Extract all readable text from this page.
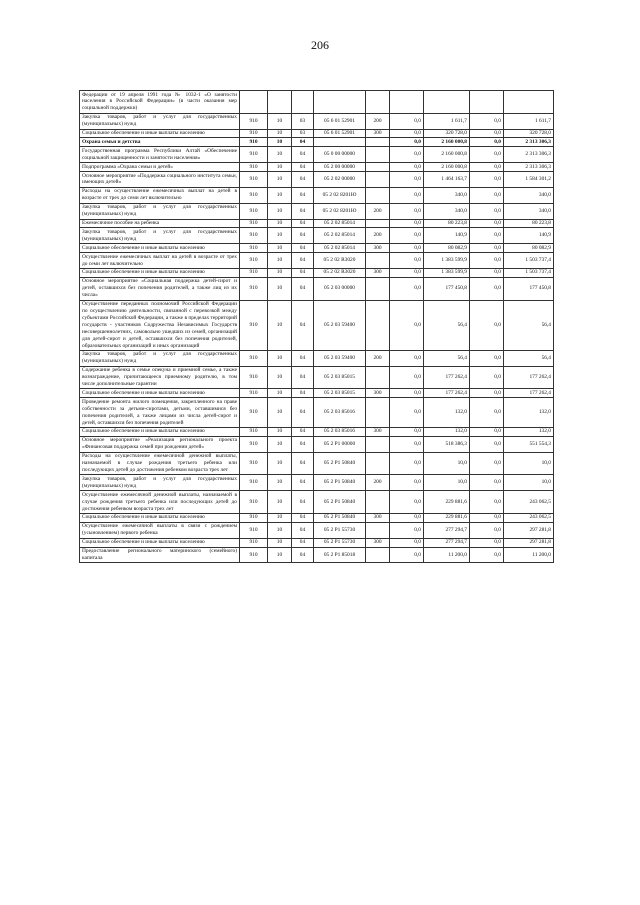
206
Федерации от 19 апреля 1991 года № 1032-1 «О занятости населения в Российской Федерации» (в части оказания мер социальной поддержки)									
Закупка товаров, работ и услуг для государственных (муниципальных) нужд	910	10	03	05 6 01 52901	200	0,0	1 611,7	0,0	1 611,7
Социальное обеспечение и иные выплаты населению	910	10	03	05 6 01 52901	300	0,0	320 728,0	0,0	320 728,0
Охрана семьи и детства	910	10	04			0,0	2 160 000,8	0,0	2 313 306,3
Государственная программа Республики Алтай «Обеспечение социальной защищенности и занятости населения»	910	10	04	05 0 00 00000		0,0	2 160 000,8	0,0	2 313 306,3
Подпрограмма «Охрана семьи и детей»	910	10	04	05 2 00 00000		0,0	2 160 000,8	0,0	2 313 306,3
Основное мероприятие «Поддержка социального института семьи, имеющих детей»	910	10	04	05 2 02 00000		0,0	1 464 163,7	0,0	1 584 301,2
Расходы на осуществление ежемесячных выплат на детей в возрасте от трех до семи лет включительно	910	10	04	05 2 02 8201Ю		0,0	340,0	0,0	340,0
Закупка товаров, работ и услуг для государственных (муниципальных) нужд	910	10	04	05 2 02 8201Ю	200	0,0	340,0	0,0	340,0
Ежемесячное пособие на ребенка	910	10	04	05 2 02 85014		0,0	80 223,8	0,0	80 223,8
Закупка товаров, работ и услуг для государственных (муниципальных) нужд	910	10	04	05 2 02 85014	200	0,0	140,9	0,0	140,9
Социальное обеспечение и иные выплаты населению	910	10	04	05 2 02 85014	300	0,0	80 082,9	0,0	80 082,9
Осуществление ежемесячных выплат на детей в возрасте от трех до семи лет включительно	910	10	04	05 2 02 R3020		0,0	1 383 599,9	0,0	1 503 737,4
Социальное обеспечение и иные выплаты населению	910	10	04	05 2 02 R3020	300	0,0	1 383 599,9	0,0	1 503 737,4
Основное мероприятие «Социальная поддержка детей-сирот и детей, оставшихся без попечения родителей, а также лиц из их числа»	910	10	04	05 2 03 00000		0,0	177 450,8	0,0	177 450,8
Осуществление переданных полномочий Российской Федерации по осуществлению деятельности, связанной с перевозкой между субъектами Российской Федерации, а также в пределах территорий государств - участников Содружества Независимых Государств несовершеннолетних, самовольно ушедших из семей, организаций для детей-сирот и детей, оставшихся без попечения родителей, образовательных организаций и иных организаций	910	10	04	05 2 03 59400		0,0	56,4	0,0	56,4
Закупка товаров, работ и услуг для государственных (муниципальных) нужд	910	10	04	05 2 03 59400	200	0,0	56,4	0,0	56,4
Содержание ребенка в семье опекуна и приемной семье, а также вознаграждение, причитающееся приемному родителю, в том числе дополнительные гарантии	910	10	04	05 2 03 85015		0,0	177 262,4	0,0	177 262,4
Социальное обеспечение и иные выплаты населению	910	10	04	05 2 03 85015	300	0,0	177 262,4	0,0	177 262,4
Проведение ремонта жилого помещения, закрепленного на праве собственности за детьми-сиротами, детьми, оставшимися без попечения родителей, а также лицами из числа детей-сирот и детей, оставшихся без попечения родителей	910	10	04	05 2 03 85016		0,0	132,0	0,0	132,0
Социальное обеспечение и иные выплаты населению	910	10	04	05 2 03 85016	300	0,0	132,0	0,0	132,0
Основное мероприятие «Реализация регионального проекта «Финансовая поддержка семей при рождении детей»	910	10	04	05 2 P1 00000		0,0	518 386,3	0,0	551 554,3
Расходы на осуществление ежемесячной денежной выплаты, назначаемой в случае рождения третьего ребенка или последующих детей до достижения ребенком возраста трех лет	910	10	04	05 2 P1 50840		0,0	10,0	0,0	10,0
Закупка товаров, работ и услуг для государственных (муниципальных) нужд	910	10	04	05 2 P1 50840	200	0,0	10,0	0,0	10,0
Осуществление ежемесячной денежной выплаты, назначаемой в случае рождения третьего ребенка или последующих детей до достижения ребенком возраста трех лет	910	10	04	05 2 P1 50840		0,0	229 881,6	0,0	243 062,5
Социальное обеспечение и иные выплаты населению	910	10	04	05 2 P1 50840	300	0,0	229 881,6	0,0	243 062,5
Осуществление ежемесячной выплаты в связи с рождением (усыновлением) первого ребенка	910	10	04	05 2 P1 55730		0,0	277 294,7	0,0	297 281,8
Социальное обеспечение и иные выплаты населению	910	10	04	05 2 P1 55730	300	0,0	277 294,7	0,0	297 281,8
Предоставление регионального материнского (семейного) капитала	910	10	04	05 2 P1 85018		0,0	11 200,0	0,0	11 200,0
